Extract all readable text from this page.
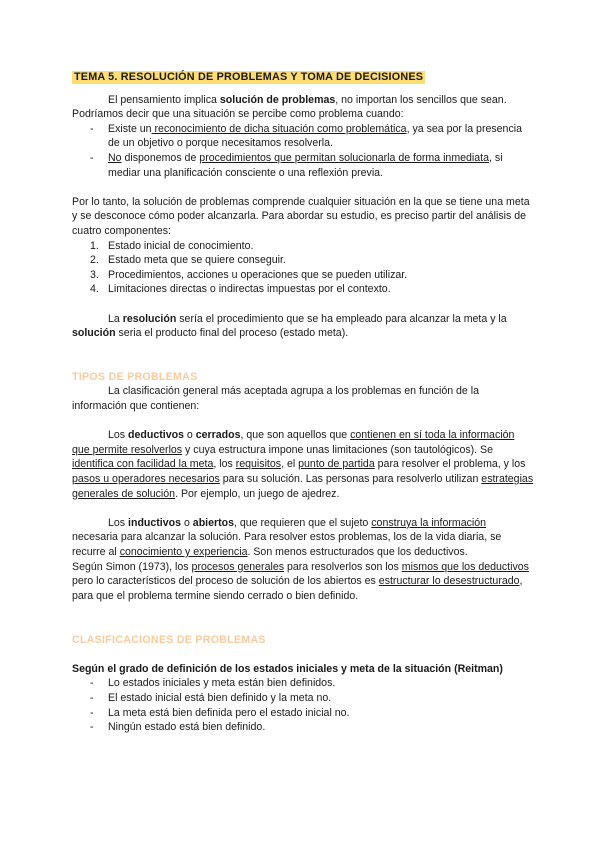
TEMA 5. RESOLUCIÓN DE PROBLEMAS Y TOMA DE DECISIONES

El pensamiento implica solución de problemas, no importan los sencillos que sean. Podríamos decir que una situación se percibe como problema cuando:

- Existe un reconocimiento de dicha situación como problemática, ya sea por la presencia de un objetivo o porque necesitamos resolverla.
- No disponemos de procedimientos que permitan solucionarla de forma inmediata, si mediar una planificación consciente o una reflexión previa.

Por lo tanto, la solución de problemas comprende cualquier situación en la que se tiene una meta y se desconoce cómo poder alcanzarla. Para abordar su estudio, es preciso partir del análisis de cuatro componentes:

1. Estado inicial de conocimiento.
2. Estado meta que se quiere conseguir.
3. Procedimientos, acciones u operaciones que se pueden utilizar.
4. Limitaciones directas o indirectas impuestas por el contexto.

La resolución sería el procedimiento que se ha empleado para alcanzar la meta y la solución seria el producto final del proceso (estado meta).

TIPOS DE PROBLEMAS

La clasificación general más aceptada agrupa a los problemas en función de la información que contienen:

Los deductivos o cerrados, que son aquellos que contienen en sí toda la información que permite resolverlos y cuya estructura impone unas limitaciones (son tautológicos). Se identifica con facilidad la meta, los requisitos, el punto de partida para resolver el problema, y los pasos u operadores necesarios para su solución. Las personas para resolverlo utilizan estrategias generales de solución. Por ejemplo, un juego de ajedrez.

Los inductivos o abiertos, que requieren que el sujeto construya la información necesaria para alcanzar la solución. Para resolver estos problemas, los de la vida diaria, se recurre al conocimiento y experiencia. Son menos estructurados que los deductivos.

Según Simon (1973), los procesos generales para resolverlos son los mismos que los deductivos pero lo característicos del proceso de solución de los abiertos es estructurar lo desestructurado, para que el problema termine siendo cerrado o bien definido.

CLASIFICACIONES DE PROBLEMAS

Según el grado de definición de los estados iniciales y meta de la situación (Reitman)

- Lo estados iniciales y meta están bien definidos.
- El estado inicial está bien definido y la meta no.
- La meta está bien definida pero el estado inicial no.
- Ningún estado está bien definido.
